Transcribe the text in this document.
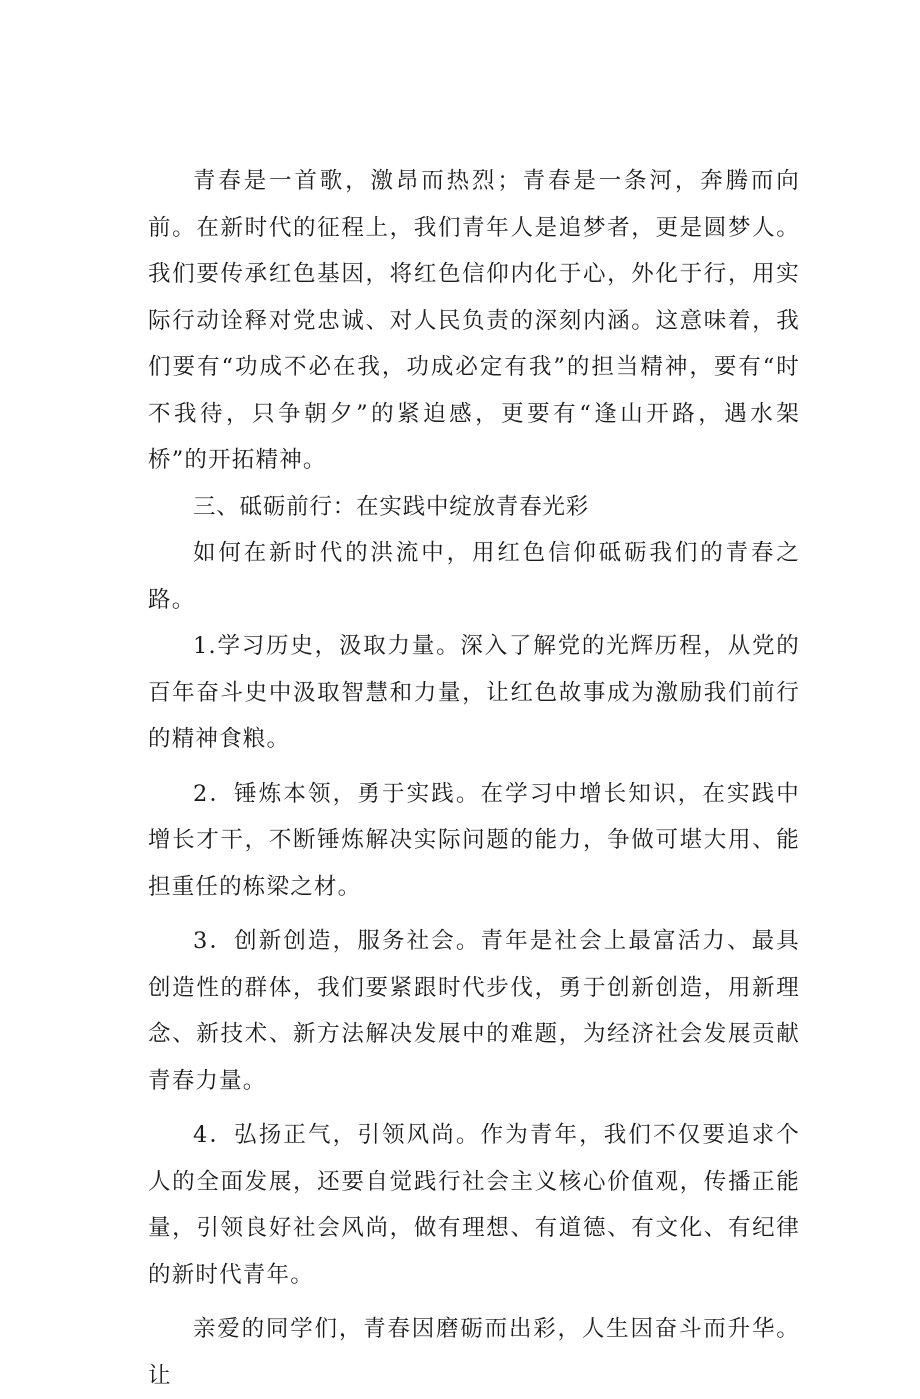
青春是一首歌，激昂而热烈；青春是一条河，奔腾而向前。在新时代的征程上，我们青年人是追梦者，更是圆梦人。我们要传承红色基因，将红色信仰内化于心，外化于行，用实际行动诠释对党忠诚、对人民负责的深刻内涵。这意味着，我们要有“功成不必在我，功成必定有我”的担当精神，要有“时不我待，只争朝夕”的紧迫感，更要有“逢山开路，遇水架桥”的开拓精神。

三、砥砺前行：在实践中绽放青春光彩

如何在新时代的洪流中，用红色信仰砥砺我们的青春之路。

1.学习历史，汲取力量。深入了解党的光辉历程，从党的百年奋斗史中汲取智慧和力量，让红色故事成为激励我们前行的精神食粮。

2．锤炼本领，勇于实践。在学习中增长知识，在实践中增长才干，不断锤炼解决实际问题的能力，争做可堪大用、能担重任的栋梁之材。

3．创新创造，服务社会。青年是社会上最富活力、最具创造性的群体，我们要紧跟时代步伐，勇于创新创造，用新理念、新技术、新方法解决发展中的难题，为经济社会发展贡献青春力量。

4．弘扬正气，引领风尚。作为青年，我们不仅要追求个人的全面发展，还要自觉践行社会主义核心价值观，传播正能量，引领良好社会风尚，做有理想、有道德、有文化、有纪律的新时代青年。

亲爱的同学们，青春因磨砺而出彩，人生因奋斗而升华。让
